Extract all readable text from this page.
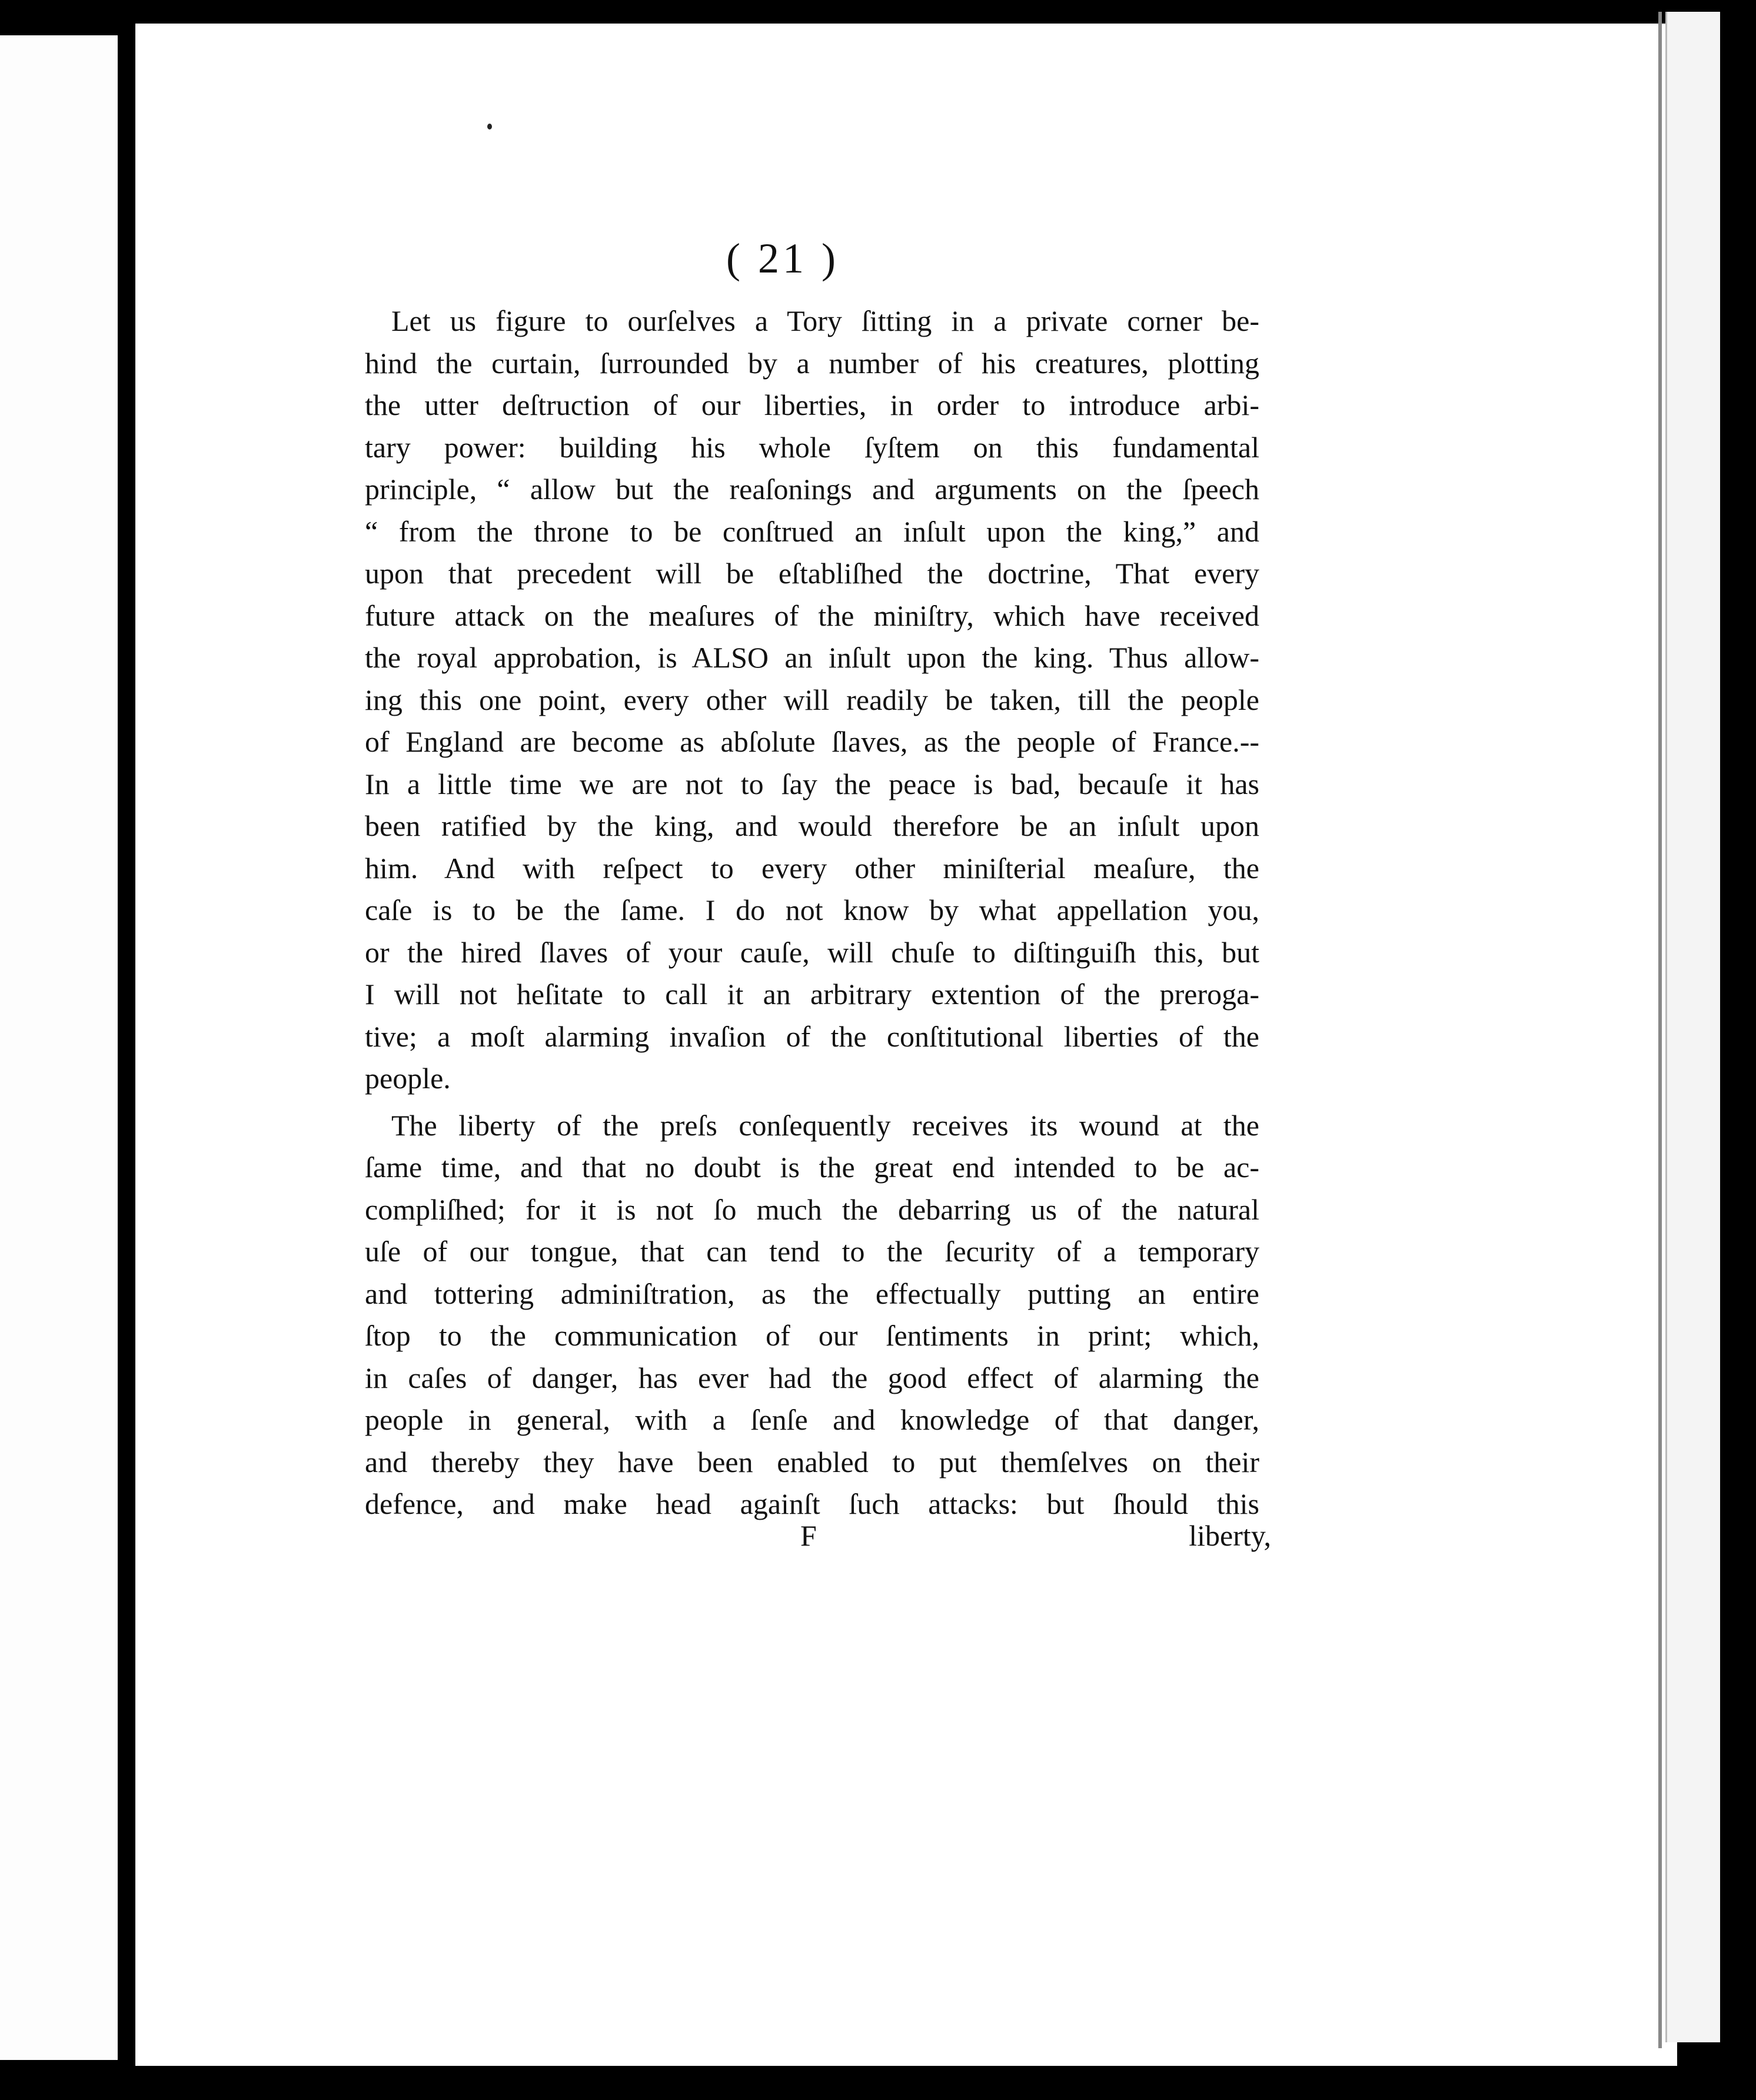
( 21 )
Let us figure to ourſelves a Tory ſitting in a private corner be-
hind the curtain, ſurrounded by a number of his creatures, plotting
the utter deſtruction of our liberties, in order to introduce arbi-
tary power: building his whole ſyſtem on this fundamental
principle, “ allow but the reaſonings and arguments on the ſpeech
“ from the throne to be conſtrued an inſult upon the king,” and
upon that precedent will be eſtabliſhed the doctrine, That every
future attack on the meaſures of the miniſtry, which have received
the royal approbation, is ALSO an inſult upon the king. Thus allow-
ing this one point, every other will readily be taken, till the people
of England are become as abſolute ſlaves, as the people of France.--
In a little time we are not to ſay the peace is bad, becauſe it has
been ratified by the king, and would therefore be an inſult upon
him. And with reſpect to every other miniſterial meaſure, the
caſe is to be the ſame. I do not know by what appellation you,
or the hired ſlaves of your cauſe, will chuſe to diſtinguiſh this, but
I will not heſitate to call it an arbitrary extention of the preroga-
tive; a moſt alarming invaſion of the conſtitutional liberties of the
people.
The liberty of the preſs conſequently receives its wound at the
ſame time, and that no doubt is the great end intended to be ac-
compliſhed; for it is not ſo much the debarring us of the natural
uſe of our tongue, that can tend to the ſecurity of a temporary
and tottering adminiſtration, as the effectually putting an entire
ſtop to the communication of our ſentiments in print; which,
in caſes of danger, has ever had the good effect of alarming the
people in general, with a ſenſe and knowledge of that danger,
and thereby they have been enabled to put themſelves on their
defence, and make head againſt ſuch attacks: but ſhould this
F	liberty,
